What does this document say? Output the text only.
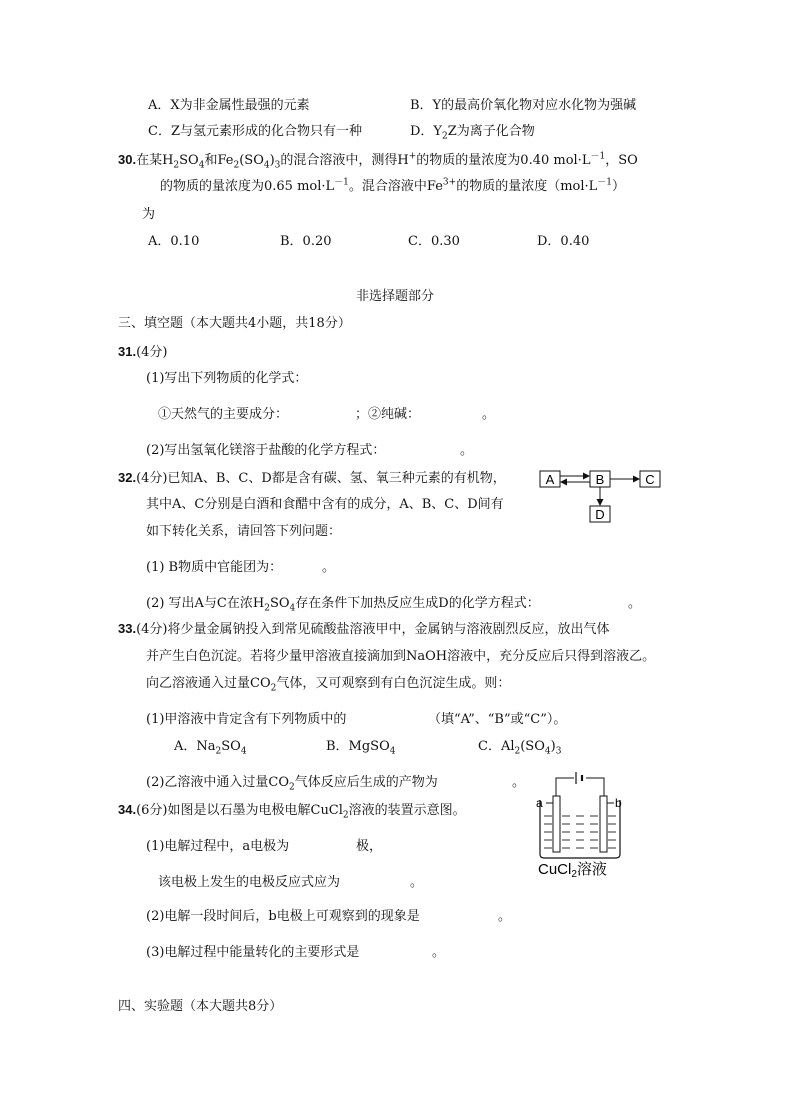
A．X为非金属性最强的元素	B．Y的最高价氧化物对应水化物为强碱
C．Z与氢元素形成的化合物只有一种	D．$Y_2Z$为离子化合物
30.在某$H_2SO_4$和$Fe_2(SO_4)_3$的混合溶液中，测得H+的物质的量浓度为0.40 $mol\cdot L^{-1}$，SO
的物质的量浓度为0.65 $mol\cdot L^{-1}$。混合溶液中$Fe^{3+}$的物质的量浓度$(mol\cdot L^{-1})$
为
A．0.10	B．0.20	C．0.30	D．0.40
非选择题部分
三、填空题（本大题共4小题，共18分）
31.(4分)
(1)写出下列物质的化学式：
①天然气的主要成分：	；②纯碱：	。
(2)写出氢氧化镁溶于盐酸的化学方程式：	。
32.(4分)已知A、B、C、D都是含有碳、氢、氧三种元素的有机物，
其中A、C分别是白酒和食醋中含有的成分，A、B、C、D间有
如下转化关系，请回答下列问题：
A	B	C
D
(1) B物质中官能团为：	。
(2) 写出A与C在浓$H_2SO_4$存在条件下加热反应生成D的化学方程式：	。
33.(4分)将少量金属钠投入到常见硫酸盐溶液甲中，金属钠与溶液剧烈反应，放出气体
并产生白色沉淀。若将少量甲溶液直接滴加到NaOH溶液中，充分反应后只得到溶液乙。
向乙溶液通入过量$CO_2$气体，又可观察到有白色沉淀生成。则：
(1)甲溶液中肯定含有下列物质中的	（填“A”、“B”或“C”）。
A．$Na_2SO_4$	B．MgSO$_4$	C．$Al_2(SO_4)_3$
(2)乙溶液中通入过量$CO_2$气体反应后生成的产物为	。
a	b
CuCl$_2$溶液
34.(6分)如图是以石墨为电极电解CuCl$_2$溶液的装置示意图。
(1)电解过程中，a电极为	极，
该电极上发生的电极反应式应为	。
(2)电解一段时间后，b电极上可观察到的现象是	。
(3)电解过程中能量转化的主要形式是	。
四、实验题（本大题共8分）
